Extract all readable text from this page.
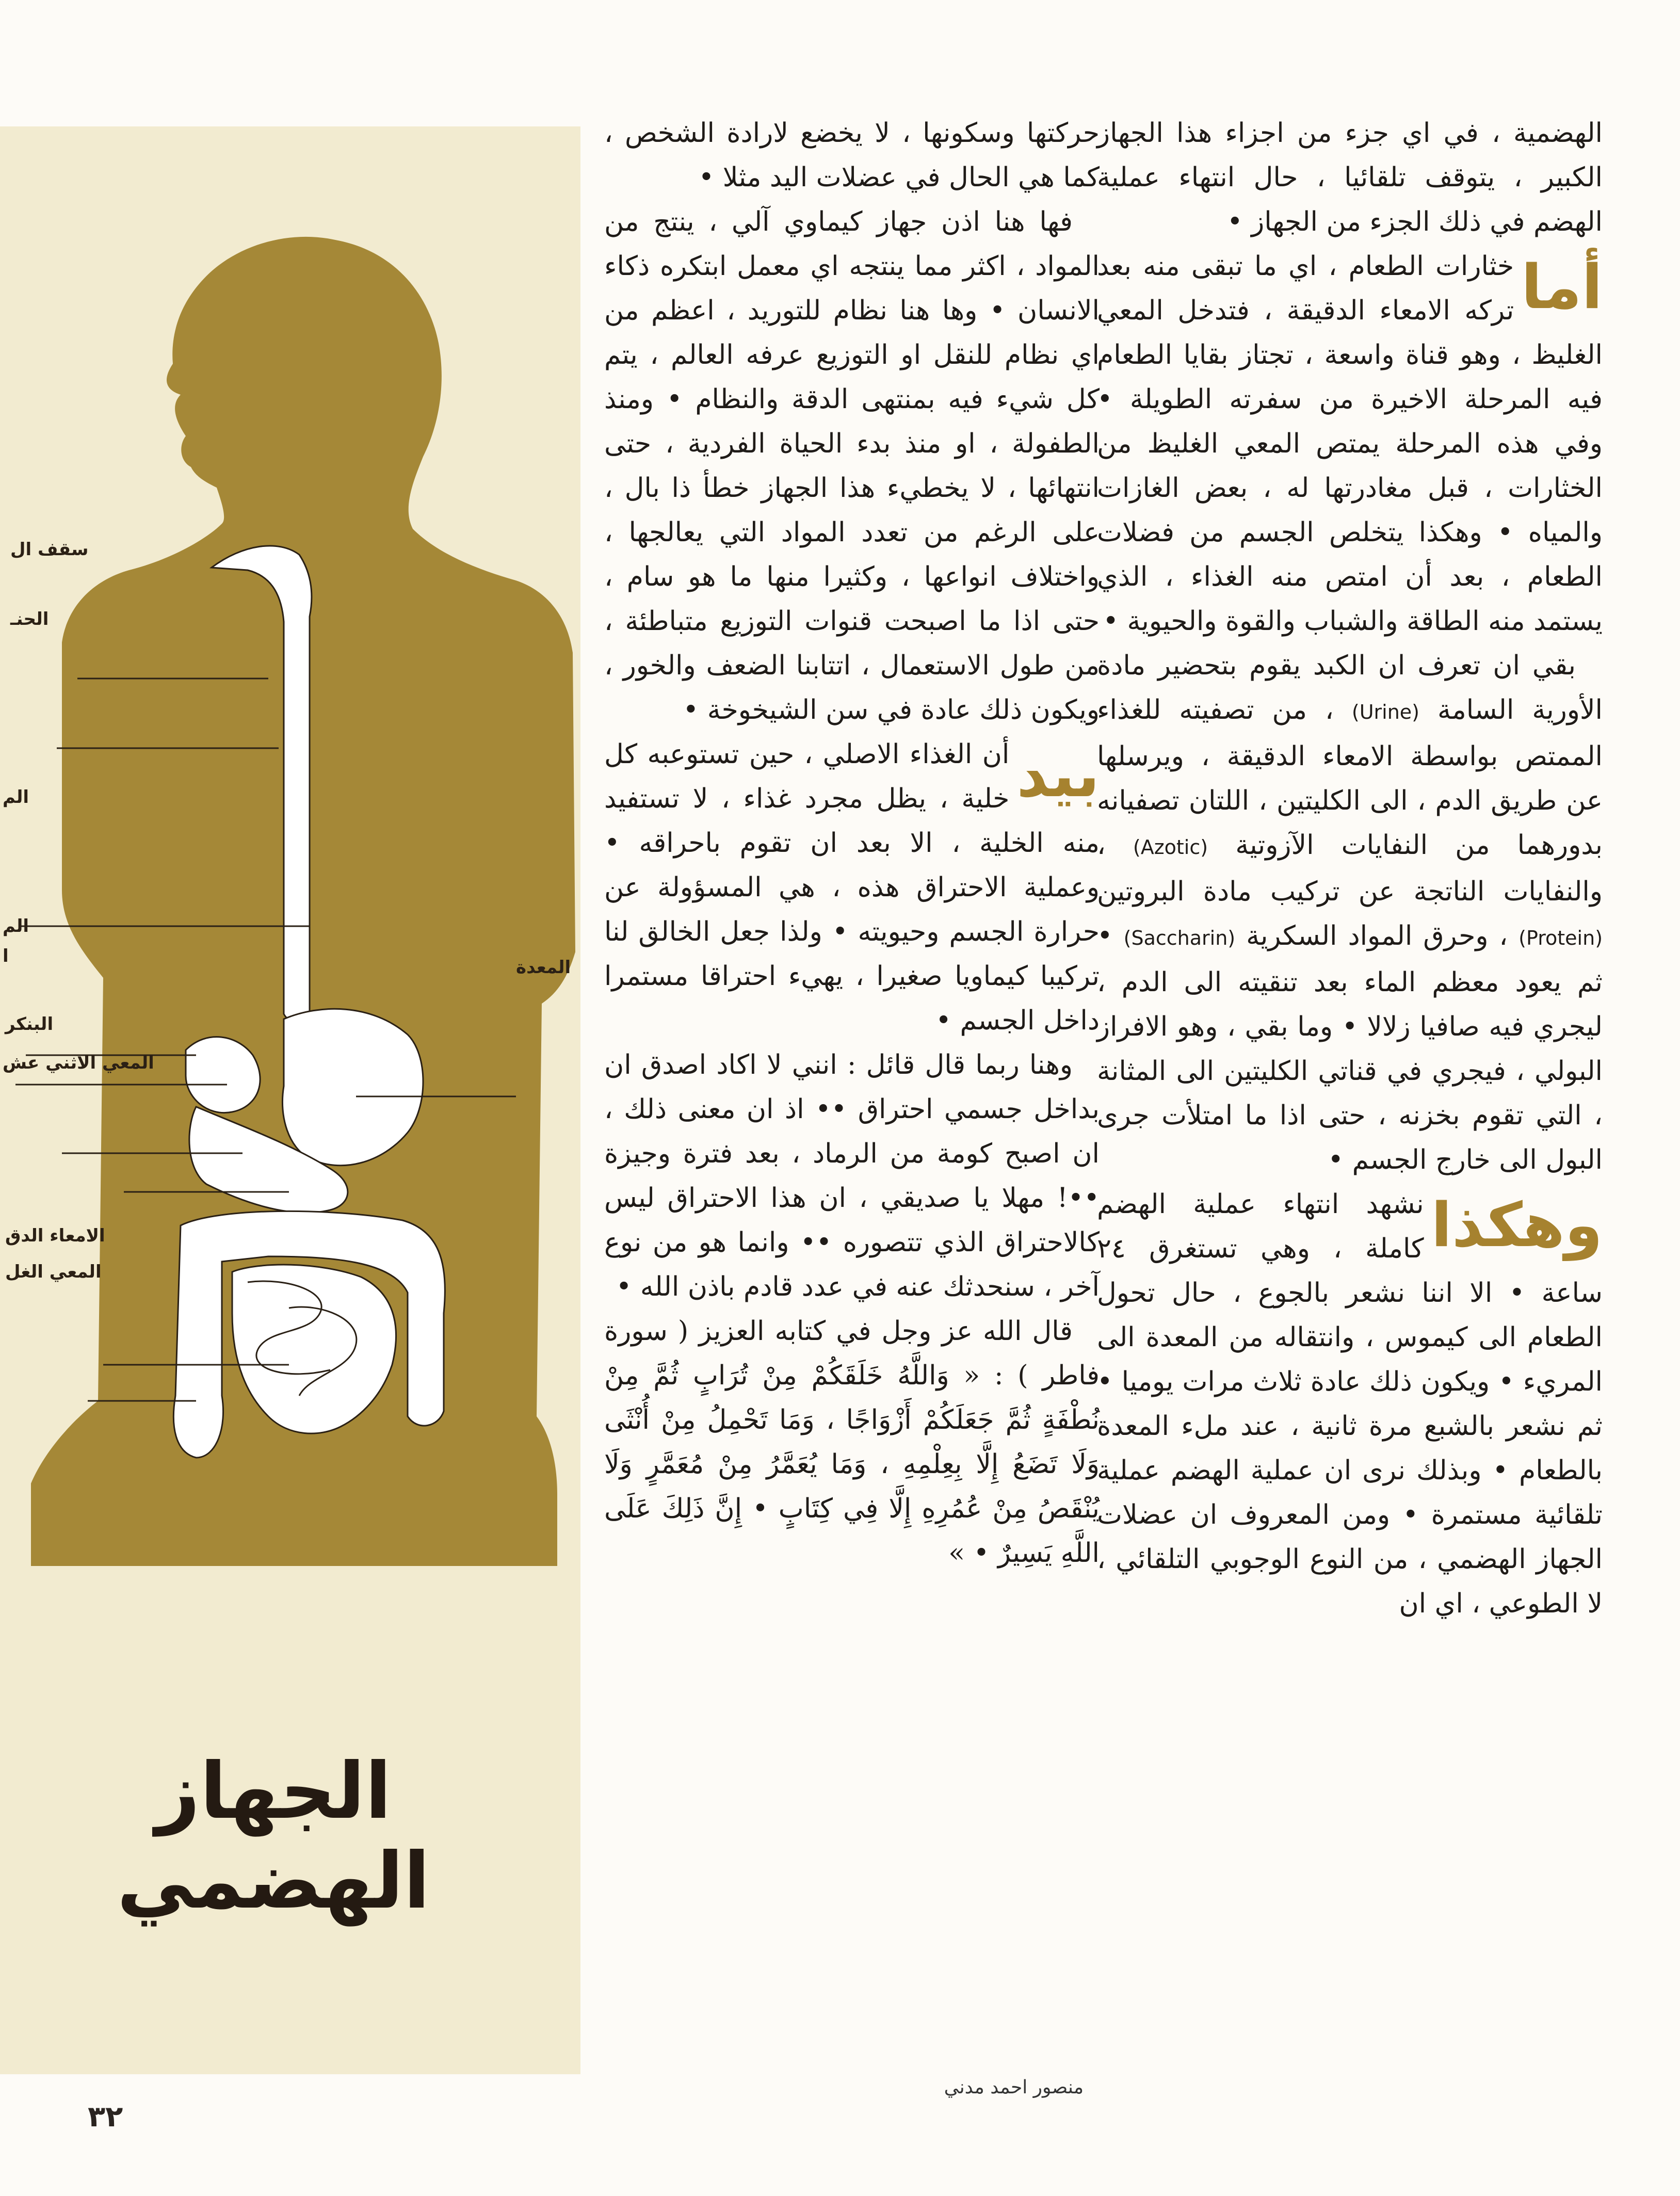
سقف ال
الحنـ
الم
الم
ا
المعدة
البنكر
المعي الاثني عش
الامعاء الدق
المعي الغل
الجهاز الهضمي

الهضمية ، في اي جزء من اجزاء هذا الجهاز الكبير ، يتوقف تلقائيا ، حال انتهاء عملية الهضم في ذلك الجزء من الجهاز •

أما
خثارات الطعام ، اي ما تبقى منه بعد تركه الامعاء الدقيقة ، فتدخل المعي الغليظ ، وهو قناة واسعة ، تجتاز بقايا الطعام فيه المرحلة الاخيرة من سفرته الطويلة • وفي هذه المرحلة يمتص المعي الغليظ من الخثارات ، قبل مغادرتها له ، بعض الغازات والمياه • وهكذا يتخلص الجسم من فضلات الطعام ، بعد أن امتص منه الغذاء ، الذي يستمد منه الطاقة والشباب والقوة والحيوية •

بقي ان تعرف ان الكبد يقوم بتحضير مادة الأورية السامة (Urine) ، من تصفيته للغذاء الممتص بواسطة الامعاء الدقيقة ، ويرسلها عن طريق الدم ، الى الكليتين ، اللتان تصفيانه بدورهما من النفايات الآزوتية (Azotic) ، والنفايات الناتجة عن تركيب مادة البروتين (Protein) ، وحرق المواد السكرية (Saccharin) • ثم يعود معظم الماء بعد تنقيته الى الدم ، ليجري فيه صافيا زلالا • وما بقي ، وهو الافراز البولي ، فيجري في قناتي الكليتين الى المثانة ، التي تقوم بخزنه ، حتى اذا ما امتلأت جرى البول الى خارج الجسم •

وهكذا
نشهد انتهاء عملية الهضم كاملة ، وهي تستغرق ٢٤ ساعة • الا اننا نشعر بالجوع ، حال تحول الطعام الى كيموس ، وانتقاله من المعدة الى المريء • ويكون ذلك عادة ثلاث مرات يوميا • ثم نشعر بالشبع مرة ثانية ، عند ملء المعدة بالطعام • وبذلك نرى ان عملية الهضم عملية تلقائية مستمرة • ومن المعروف ان عضلات الجهاز الهضمي ، من النوع الوجوبي التلقائي ، لا الطوعي ، اي ان

حركتها وسكونها ، لا يخضع لارادة الشخص ، كما هي الحال في عضلات اليد مثلا •

فها هنا اذن جهاز كيماوي آلي ، ينتج من المواد ، اكثر مما ينتجه اي معمل ابتكره ذكاء الانسان • وها هنا نظام للتوريد ، اعظم من اي نظام للنقل او التوزيع عرفه العالم ، يتم كل شيء فيه بمنتهى الدقة والنظام • ومنذ الطفولة ، او منذ بدء الحياة الفردية ، حتى انتهائها ، لا يخطيء هذا الجهاز خطأ ذا بال ، على الرغم من تعدد المواد التي يعالجها ، واختلاف انواعها ، وكثيرا منها ما هو سام ، حتى اذا ما اصبحت قنوات التوزيع متباطئة ، من طول الاستعمال ، اتتابنا الضعف والخور ، ويكون ذلك عادة في سن الشيخوخة •

بيد
أن الغذاء الاصلي ، حين تستوعبه كل خلية ، يظل مجرد غذاء ، لا تستفيد منه الخلية ، الا بعد ان تقوم باحراقه • وعملية الاحتراق هذه ، هي المسؤولة عن حرارة الجسم وحيويته • ولذا جعل الخالق لنا تركيبا كيماويا صغيرا ، يهيء احتراقا مستمرا داخل الجسم •

وهنا ربما قال قائل : انني لا اكاد اصدق ان بداخل جسمي احتراق •• اذ ان معنى ذلك ، ان اصبح كومة من الرماد ، بعد فترة وجيزة ••! مهلا يا صديقي ، ان هذا الاحتراق ليس كالاحتراق الذي تتصوره •• وانما هو من نوع آخر ، سنحدثك عنه في عدد قادم باذن الله •

قال الله عز وجل في كتابه العزيز ( سورة فاطر ) : « وَاللَّهُ خَلَقَكُمْ مِنْ تُرَابٍ ثُمَّ مِنْ نُطْفَةٍ ثُمَّ جَعَلَكُمْ أَزْوَاجًا ، وَمَا تَحْمِلُ مِنْ أُنْثَى وَلَا تَضَعُ إِلَّا بِعِلْمِهِ ، وَمَا يُعَمَّرُ مِنْ مُعَمَّرٍ وَلَا يُنْقَصُ مِنْ عُمُرِهِ إِلَّا فِي كِتَابٍ • إِنَّ ذَلِكَ عَلَى اللَّهِ يَسِيرٌ • »

منصور احمد مدني
٣٢
